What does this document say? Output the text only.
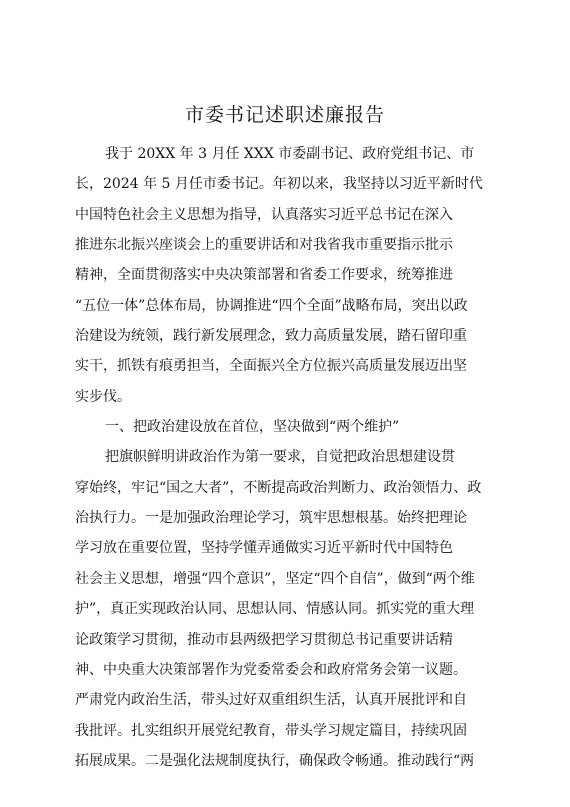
市委书记述职述廉报告
我于 20XX 年 3 月任 XXX 市委副书记、政府党组书记、市
长，2024 年 5 月任市委书记。年初以来，我坚持以习近平新时代
中国特色社会主义思想为指导，认真落实习近平总书记在深入
推进东北振兴座谈会上的重要讲话和对我省我市重要指示批示
精神，全面贯彻落实中央决策部署和省委工作要求，统筹推进
“五位一体”总体布局，协调推进“四个全面”战略布局，突出以政
治建设为统领，践行新发展理念，致力高质量发展，踏石留印重
实干，抓铁有痕勇担当，全面振兴全方位振兴高质量发展迈出坚
实步伐。
一、把政治建设放在首位，坚决做到“两个维护”
把旗帜鲜明讲政治作为第一要求，自觉把政治思想建设贯
穿始终，牢记“国之大者”，不断提高政治判断力、政治领悟力、政
治执行力。一是加强政治理论学习，筑牢思想根基。始终把理论
学习放在重要位置，坚持学懂弄通做实习近平新时代中国特色
社会主义思想，增强“四个意识”，坚定“四个自信”，做到“两个维
护”，真正实现政治认同、思想认同、情感认同。抓实党的重大理
论政策学习贯彻，推动市县两级把学习贯彻总书记重要讲话精
神、中央重大决策部署作为党委常委会和政府常务会第一议题。
严肃党内政治生活，带头过好双重组织生活，认真开展批评和自
我批评。扎实组织开展党纪教育，带头学习规定篇目，持续巩固
拓展成果。二是强化法规制度执行，确保政令畅通。推动践行“两
